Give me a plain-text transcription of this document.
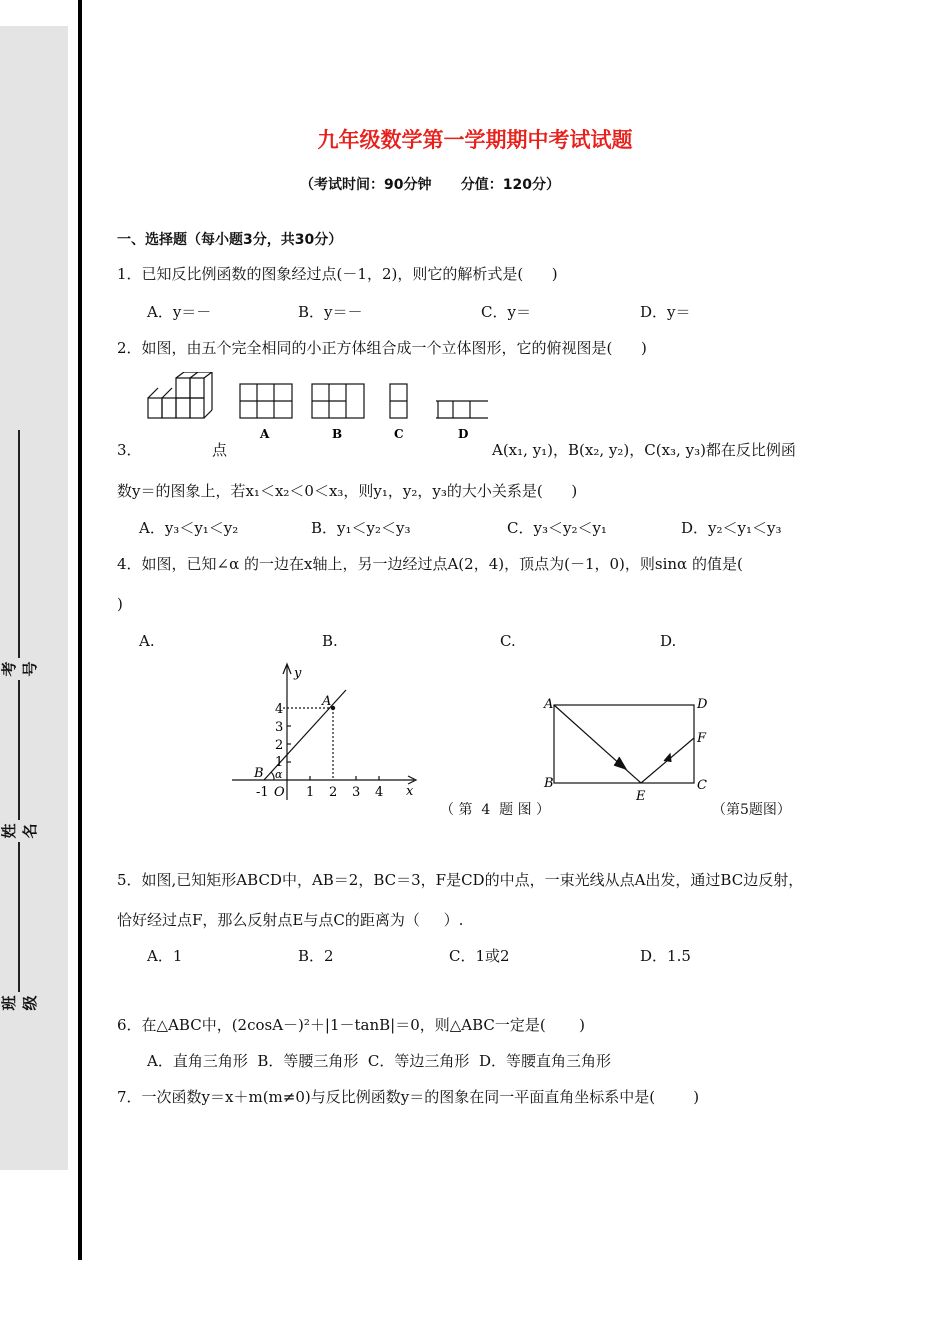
考号
姓名
班级
九年级数学第一学期期中考试试题
（考试时间：90分钟      分值：120分）
一、选择题（每小题3分，共30分）
1．已知反比例函数的图象经过点(－1，2)，则它的解析式是(      )
A．y＝－	B．y＝－	C．y＝	D．y＝
2．如图，由五个完全相同的小正方体组合成一个立体图形，它的俯视图是(      )
A	B	C	D
3．	点	A(x₁, y₁)，B(x₂, y₂)，C(x₃, y₃)都在反比例函
数y＝的图象上，若x₁＜x₂＜0＜x₃，则y₁，y₂，y₃的大小关系是(      )
A．y₃＜y₁＜y₂	B．y₁＜y₂＜y₃	C．y₃＜y₂＜y₁	D．y₂＜y₁＜y₃
4．如图，已知∠α 的一边在x轴上，另一边经过点A(2，4)，顶点为(－1，0)，则sinα 的值是(
)
A.	B.	C.	D.
y
x
A
B α
O
-1	1 2 3 4
1
2
3
4
（ 第  4  题 图 ）
A	D
B	C
E
F
（第5题图）
5．如图,已知矩形ABCD中，AB＝2，BC＝3，F是CD的中点，一束光线从点A出发，通过BC边反射，
恰好经过点F，那么反射点E与点C的距离为（     ）.
A．1	B．2	C．1或2	D．1.5
6．在△ABC中，(2cosA－)²＋|1－tanB|＝0，则△ABC一定是(       )
A．直角三角形  B．等腰三角形  C．等边三角形  D．等腰直角三角形
7．一次函数y＝x＋m(m≠0)与反比例函数y＝的图象在同一平面直角坐标系中是(        )
